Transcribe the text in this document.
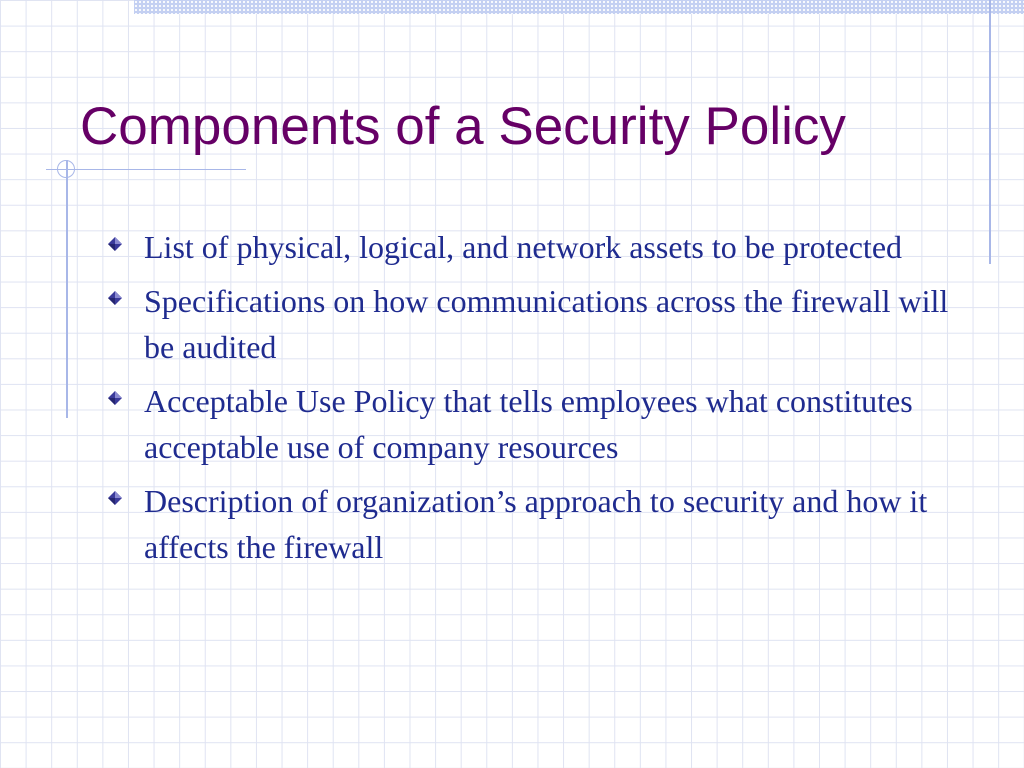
Components of a Security Policy
List of physical, logical, and network assets to be protected
Specifications on how communications across the firewall will be audited
Acceptable Use Policy that tells employees what constitutes acceptable use of company resources
Description of organization’s approach to security and how it affects the firewall
